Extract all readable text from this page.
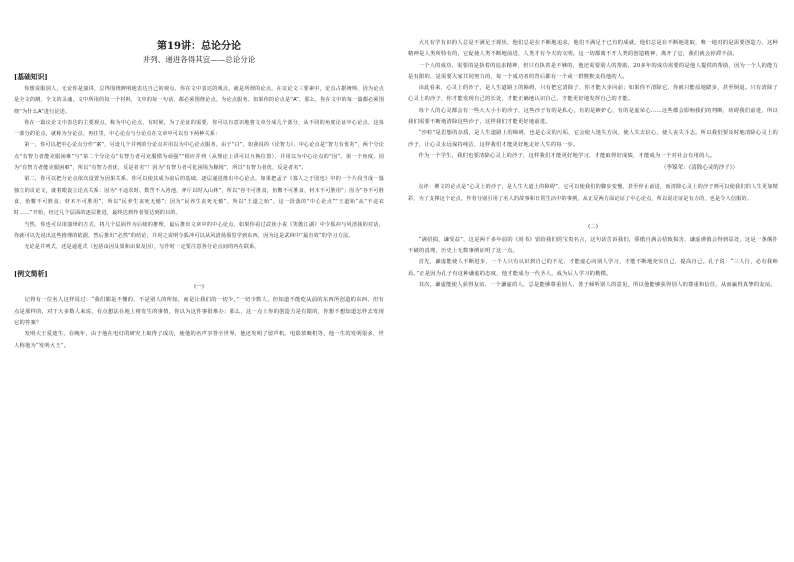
第19讲：总论分论
并列、递进各得其宜——总论分论
[基础知识]

你想说服别人，无论你是演讲，总得围绕鲜明地表达自己的观点，你在文中表达的观点，就是所谓的论点。在议论文三要素中，论点占据统帅，因为论点是全文的纲，全文的灵魂，文中所用的每一个材料，文中的每一句话，都必须围绕论点。为论点服务。如果你的论点是“A”，那么，你在文中的每一篇都必须围绕“为什么A”进行论述。

你在一篇议论文中表达的主要观点，称为中心论点，有时候，为了论证的需要，你可以有意识地将文章分成几个部分，从不同的角度论证中心论点，这每一部分的论点，就称为分论点。再往里，中心论点与分论点在文章中可以有下两种关系：

第一，你可以把中心论点分作“案”，另设几个并列的分论点并用以为中心论点服务。由于“白”，如我说的《论智力》，中心论点是“智力有优劣”，两个分论点“有智力者能克服困难”与“第二个分论点“有智力者可克服惯为顽强”“相应并列（从理论上讲可以互换位置），并用以为中心论点的“因”。第一个角度，因为“有智力者能克服困难”，所以“有智力者优，反是者劣”！因为“有智力者可化困境为顺境”，所以“有智力者优，反是者劣”。

第二，你可以把分论点依次设置为因果关系，你可以使其成为前后的基础，逐层递进推出中心论点。如果把孟子《寡人之于国也》中的一个片段当成一篇独立的议论文，就着眼设立论点关系：因为“不违农时、数罟不入洿池，斧斤以时入山林”，所以“谷不可胜食，鱼鳖不可胜食，材木不可胜用”；因为“谷不可胜食，鱼鳖不可胜食，材木不可胜用”，所以“民养生丧死无憾”；因为“民养生丧死无憾”，所以“王道之始”。这一段落的“中心论点”“王道始”从“不违农时……”开始，经过几个层面的逐层推进，最终达到作者要达到的目的。

当然，你也可以用演绎的方式，将几个层面作为后续的推理，最后推出文章中的中心论点，如果你看过武侠小说《笑傲江湖》中令狐冲与风清扬的对话，你就可以先说出这些推理的依据，然后推出“必然”的结论，并用之说明令狐冲可以从风清扬那里学到东西，因为这是武林中“最有效”的学习方法。

无论是并列式，还是递进式（包括由因及果和由果及因），写作时一定要注意各分论点间的内在联系。

[例文简析]
(一)

记得有一位名人这样说过：“我们都是不懂的，不是别人的所知，而是让我们的一切少，”一切少数人，但知道不能吃从前的东西所创造的东西，但有点是那样的，对于大多数人来说，有点想法在地上将发生的事情，你以为这件事很难办；那么，这一点上你的创造力是有限的，你想不想知道怎样去发现它的答案？

发明大王爱迪生，在晚年，由于他在电灯的研究上取得了成功，使他的名声享誉全世界，他还发明了留声机、电影放映机等，他一生的发明很多，世人称他为“发明大王”。

大凡有学有识的人总是不满足于现状，他们总是在不断地追求，他们不满足于已有的成就，他们总是在不断地进取，唯一地对的是需要创造力，这种精神是人类所特有的，它促使人类不断地前进，人类才有今天的文明。这一切都离不开人类的创造精神，离开了它，我们就会停滞不前。

一个人的成功，需要的是执着的追求精神，但只有执着是不够的，他还需要别人的帮助，20多年的成功需要的是他人提供的帮助，因为一个人的能力是有限的，是需要大家共同努力的，每一个成功者的背后都有一个或一群默默支持他的人。

由此看来，心灵上的沙子，是人生道路上的障碍，只有把它清除了，你才能大步向前；如果你不清除它，你就只能原地踏步，甚至倒退。只有清除了心灵上的沙子，你才能发现自己的长处，才能正确地认识自己，才能更好地发挥自己的才能。

每个人的心灵都会有一些大大小小的沙子，这些沙子有的是私心，有的是嫉妒心，有的是虚荣心……这些都会影响我们的判断，妨碍我们前进，所以我们需要不断地清除这些沙子，这样我们才能更好地前进。

“沙粒”是思想的杂质，是人生道路上的障碍，也是心灵的污垢，它会使人迷失方向，使人失去信心，使人丧失斗志。所以我们要及时地清除心灵上的沙子，让心灵永远保持纯洁，这样我们才能更好地走好人生的每一步。

作为一个学生，我们也要清除心灵上的沙子，这样我们才能更好地学习，才能取得好成绩，才能成为一个对社会有用的人。

（李锦荣：《清除心灵的沙子》）

点评：例文的论点是“心灵上的沙子，是人生大道上的障碍”，它可以使我们的脚步变慢，甚至停止前进，而清除心灵上的沙子则可以使我们的人生更加精彩。为了支撑这个论点，作者分别引用了名人的故事和日常生活中的事例，从正反两方面论证了中心论点，所以说论证是有力的，也是令人信服的。

(二)

“满招损，谦受益”，这是两千多年前的《尚书》留给我们的宝贵名言，这句话告诉我们，骄傲自满会招致损害，谦虚谨慎会得到益处，这是一条颠扑不破的真理，历史上无数事例证明了这一点。

首先，谦虚能使人不断进步，一个人只有认识到自己的不足，才能虚心向别人学习，才能不断地充实自己，提高自己。孔子说：“三人行，必有我师焉。”正是因为孔子有这种谦虚的态度，他才能成为一代圣人，成为后人学习的楷模。

其次，谦虚能使人获得友谊，一个谦虚的人，总是能够尊重别人，善于倾听别人的意见，所以他能够获得别人的尊重和信任，从而赢得真挚的友谊。
